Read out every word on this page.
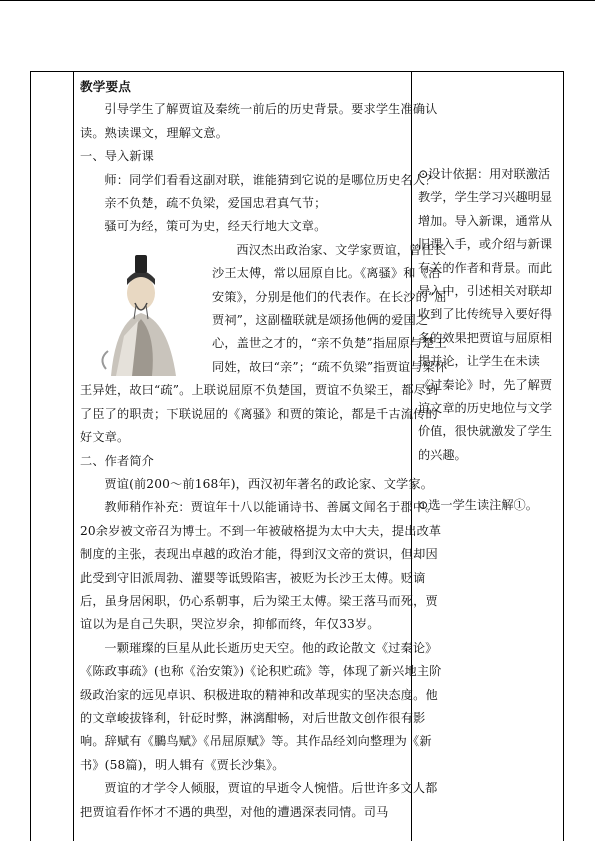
教学要点

引导学生了解贾谊及秦统一前后的历史背景。要求学生准确认读。熟读课文，理解文意。

一、导入新课

师：同学们看看这副对联，谁能猜到它说的是哪位历史名人？

亲不负楚，疏不负梁，爱国忠君真气节；

骚可为经，策可为史，经天行地大文章。

西汉杰出政治家、文学家贾谊，曾任长沙王太傅，常以屈原自比。《离骚》和《治安策》，分别是他们的代表作。在长沙的“屈贾祠”，这副楹联就是颂扬他俩的爱国之心，盖世之才的，“亲不负楚”指屈原与楚王同姓，故曰“亲”；“疏不负梁”指贾谊与梁怀王异姓，故曰“疏”。上联说屈原不负楚国，贾谊不负梁王，都尽到了臣了的职责；下联说屈的《离骚》和贾的策论，都是千古流传的好文章。

二、作者简介

贾谊(前200～前168年)，西汉初年著名的政论家、文学家。

教师稍作补充：贾谊年十八以能诵诗书、善属文闻名于郡中。20余岁被文帝召为博士。不到一年被破格提为太中大夫，提出改革制度的主张，表现出卓越的政治才能，得到汉文帝的赏识，但却因此受到守旧派周勃、灌婴等诋毁陷害，被贬为长沙王太傅。贬谪后，虽身居闲职，仍心系朝事，后为梁王太傅。梁王落马而死，贾谊以为是自己失职，哭泣岁余，抑郁而终，年仅33岁。

一颗璀璨的巨星从此长逝历史天空。他的政论散文《过秦论》《陈政事疏》(也称《治安策》)《论积贮疏》等，体现了新兴地主阶级政治家的远见卓识、积极进取的精神和改革现实的坚决态度。他的文章峻拔锋利，针砭时弊，淋漓酣畅，对后世散文创作很有影响。辞赋有《鵩鸟赋》《吊屈原赋》等。其作品经刘向整理为《新书》(58篇)，明人辑有《贾长沙集》。

贾谊的才学令人倾服，贾谊的早逝令人惋惜。后世许多文人都把贾谊看作怀才不遇的典型，对他的遭遇深表同情。司马

⊙设计依据：用对联激活教学，学生学习兴趣明显增加。导入新课，通常从旧课入手，或介绍与新课有关的作者和背景。而此导入中，引述相关对联却收到了比传统导入要好得多的效果把贾谊与屈原相提并论，让学生在未读《过秦论》时，先了解贾谊文章的历史地位与文学价值，很快就激发了学生的兴趣。

⊙选一学生读注解①。
